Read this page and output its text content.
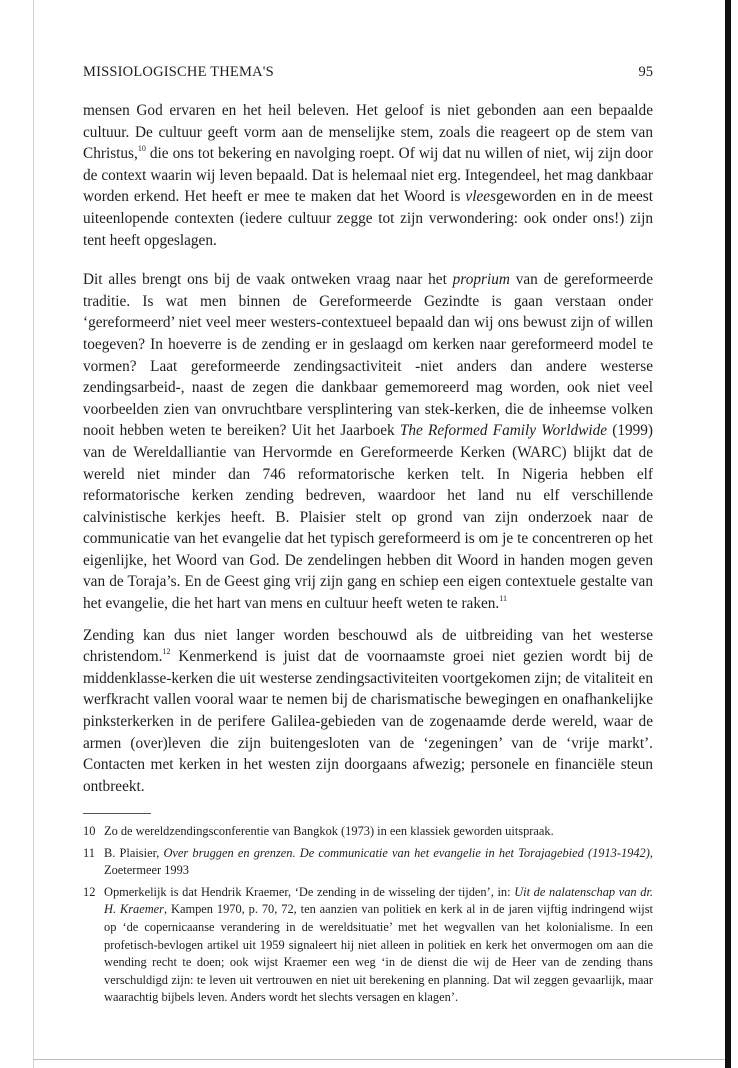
MISSIOLOGISCHE THEMA'S	95

mensen God ervaren en het heil beleven. Het geloof is niet gebonden aan een bepaalde cultuur. De cultuur geeft vorm aan de menselijke stem, zoals die reageert op de stem van Christus,$^{10}$ die ons tot bekering en navolging roept. Of wij dat nu willen of niet, wij zijn door de context waarin wij leven bepaald. Dat is helemaal niet erg. Integendeel, het mag dankbaar worden erkend. Het heeft er mee te maken dat het Woord is vleesgeworden en in de meest uiteenlopende contexten (iedere cultuur zegge tot zijn verwondering: ook onder ons!) zijn tent heeft opgeslagen.

Dit alles brengt ons bij de vaak ontweken vraag naar het proprium van de gereformeerde traditie. Is wat men binnen de Gereformeerde Gezindte is gaan verstaan onder ‘gereformeerd’ niet veel meer westers-contextueel bepaald dan wij ons bewust zijn of willen toegeven? In hoeverre is de zending er in geslaagd om kerken naar gereformeerd model te vormen? Laat gereformeerde zendingsactiviteit -niet anders dan andere westerse zendingsarbeid-, naast de zegen die dankbaar gememoreerd mag worden, ook niet veel voorbeelden zien van onvruchtbare versplintering van stek-kerken, die de inheemse volken nooit hebben weten te bereiken? Uit het Jaarboek The Reformed Family Worldwide (1999) van de Wereldalliantie van Hervormde en Gereformeerde Kerken (WARC) blijkt dat de wereld niet minder dan 746 reformatorische kerken telt. In Nigeria hebben elf reformatorische kerken zending bedreven, waardoor het land nu elf verschillende calvinistische kerkjes heeft. B. Plaisier stelt op grond van zijn onderzoek naar de communicatie van het evangelie dat het typisch gereformeerd is om je te concentreren op het eigenlijke, het Woord van God. De zendelingen hebben dit Woord in handen mogen geven van de Toraja’s. En de Geest ging vrij zijn gang en schiep een eigen contextuele gestalte van het evangelie, die het hart van mens en cultuur heeft weten te raken.$^{11}$

Zending kan dus niet langer worden beschouwd als de uitbreiding van het westerse christendom.$^{12}$ Kenmerkend is juist dat de voornaamste groei niet gezien wordt bij de middenklasse-kerken die uit westerse zendingsactiviteiten voortgekomen zijn; de vitaliteit en werfkracht vallen vooral waar te nemen bij de charismatische bewegingen en onafhankelijke pinksterkerken in de perifere Galilea-gebieden van de zogenaamde derde wereld, waar de armen (over)leven die zijn buitengesloten van de ‘zegeningen’ van de ‘vrije markt’. Contacten met kerken in het westen zijn doorgaans afwezig; personele en financiële steun ontbreekt.

10 Zo de wereldzendingsconferentie van Bangkok (1973) in een klassiek geworden uitspraak.
11 B. Plaisier, Over bruggen en grenzen. De communicatie van het evangelie in het Torajagebied (1913-1942), Zoetermeer 1993
12 Opmerkelijk is dat Hendrik Kraemer, ‘De zending in de wisseling der tijden’, in: Uit de nalatenschap van dr. H. Kraemer, Kampen 1970, p. 70, 72, ten aanzien van politiek en kerk al in de jaren vijftig indringend wijst op ‘de copernicaanse verandering in de wereldsituatie’ met het wegvallen van het kolonialisme. In een profetisch-bevlogen artikel uit 1959 signaleert hij niet alleen in politiek en kerk het onvermogen om aan die wending recht te doen; ook wijst Kraemer een weg ‘in de dienst die wij de Heer van de zending thans verschuldigd zijn: te leven uit vertrouwen en niet uit berekening en planning. Dat wil zeggen gevaarlijk, maar waarachtig bijbels leven. Anders wordt het slechts versagen en klagen’.
